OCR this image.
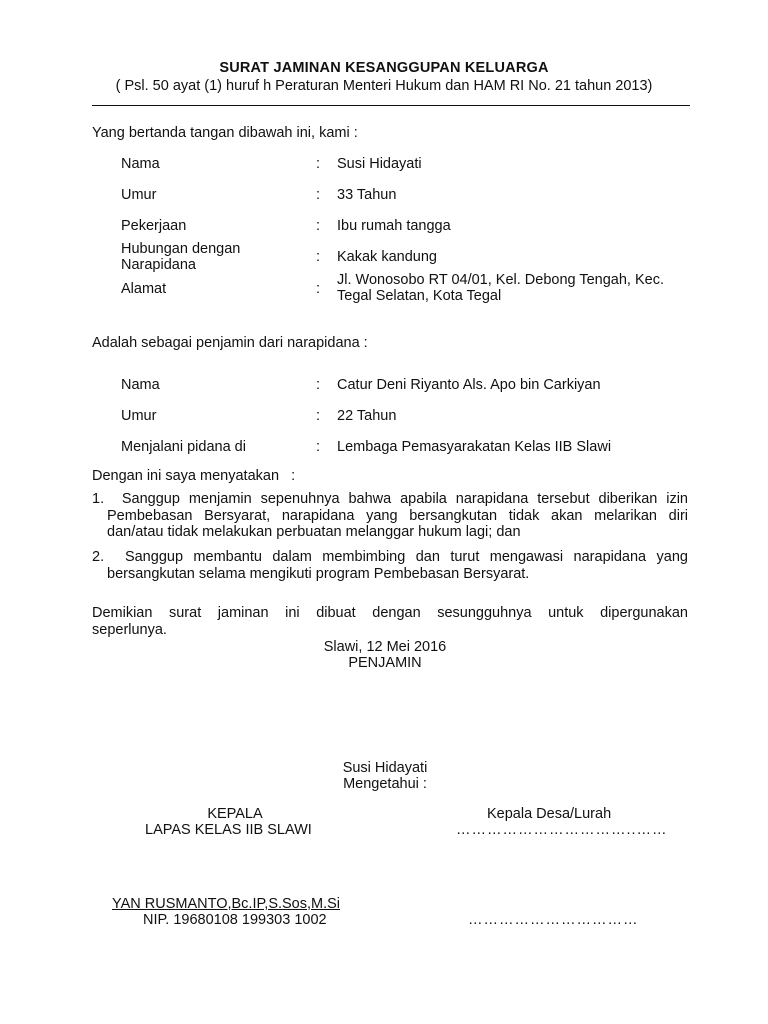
SURAT JAMINAN KESANGGUPAN KELUARGA
( Psl. 50 ayat (1) huruf h Peraturan Menteri Hukum dan HAM RI No. 21 tahun 2013)
Yang bertanda tangan dibawah ini, kami :
Nama	: Susi Hidayati
Umur	: 33 Tahun
Pekerjaan	: Ibu rumah tangga
Hubungan dengan
Narapidana	: Kakak kandung
Alamat	:
Jl. Wonosobo RT 04/01, Kel. Debong Tengah, Kec.
Tegal Selatan, Kota Tegal
Adalah sebagai penjamin dari narapidana :
Nama	: Catur Deni Riyanto Als. Apo bin Carkiyan
Umur	: 22 Tahun
Menjalani pidana di	: Lembaga Pemasyarakatan Kelas IIB Slawi
Dengan ini saya menyatakan   :
1.  Sanggup menjamin sepenuhnya bahwa apabila narapidana tersebut diberikan izin
Pembebasan Bersyarat, narapidana yang bersangkutan tidak akan melarikan diri
dan/atau tidak melakukan perbuatan melanggar hukum lagi; dan
2.  Sanggup membantu dalam membimbing dan turut mengawasi narapidana yang
bersangkutan selama mengikuti program Pembebasan Bersyarat.
Demikian surat jaminan ini dibuat dengan sesungguhnya untuk dipergunakan
seperlunya.
Slawi, 12 Mei 2016
PENJAMIN
Susi Hidayati
Mengetahui :
KEPALA
LAPAS KELAS IIB SLAWI
YAN RUSMANTO,Bc.IP,S.Sos,M.Si
NIP. 19680108 199303 1002
Kepala Desa/Lurah
……………………………..……
……………………………
